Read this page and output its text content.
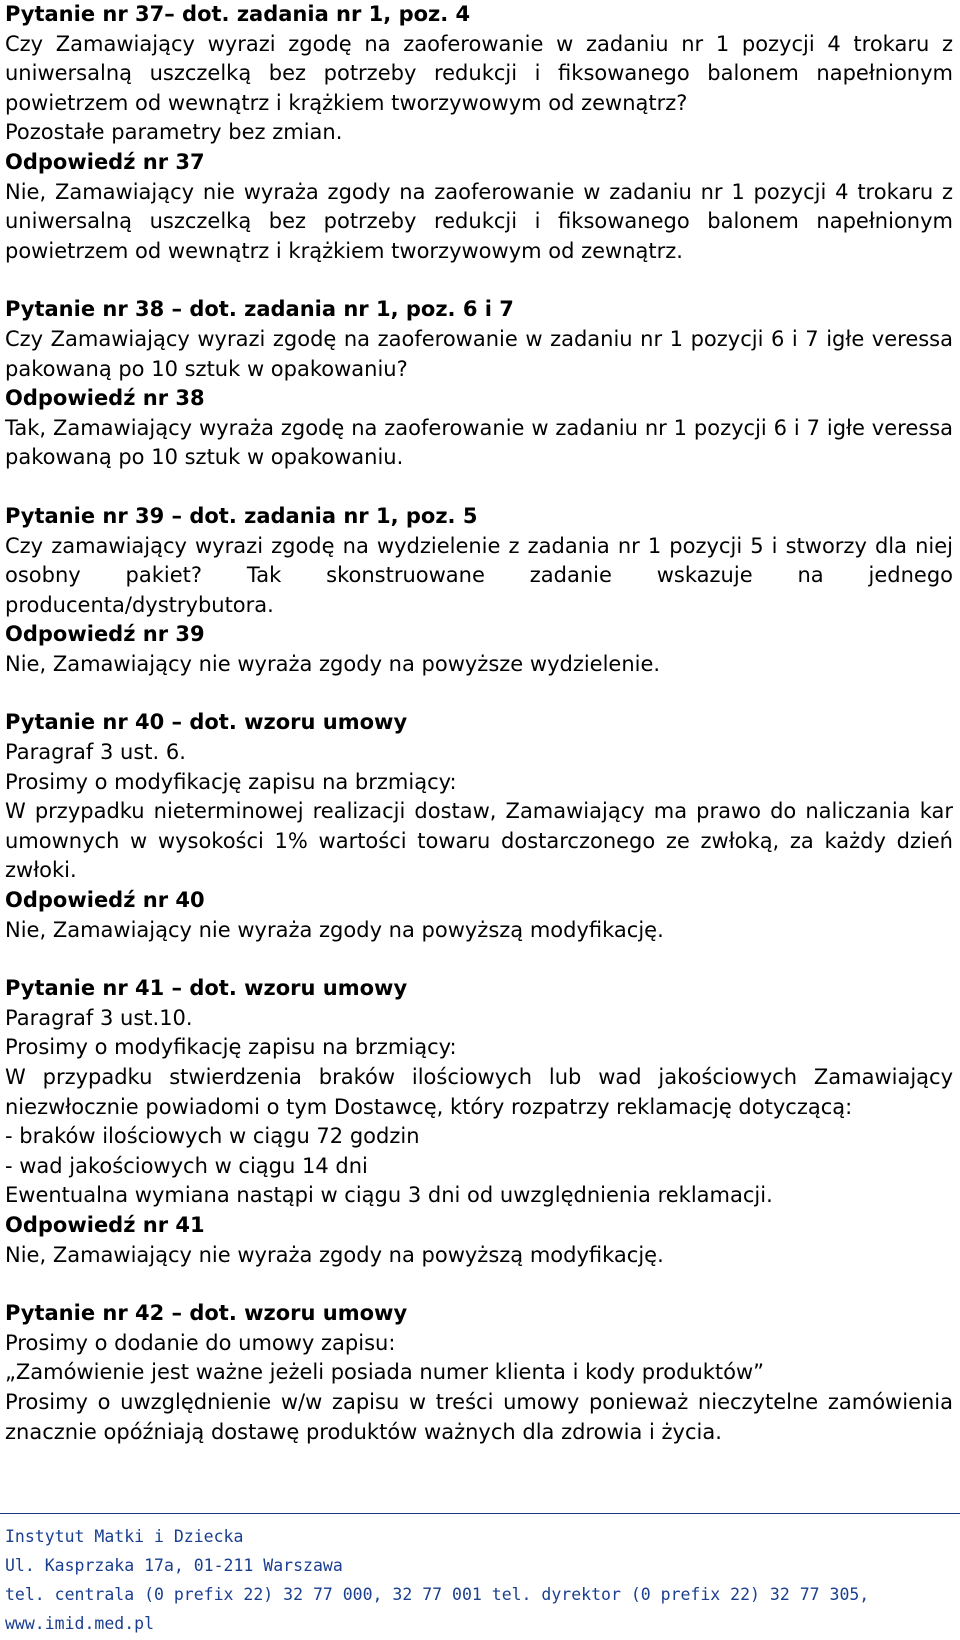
Pytanie nr 37– dot. zadania nr 1, poz. 4

Czy Zamawiający wyrazi zgodę na zaoferowanie w zadaniu nr 1 pozycji 4 trokaru z uniwersalną uszczelką bez potrzeby redukcji i fiksowanego balonem napełnionym powietrzem od wewnątrz i krążkiem tworzywowym od zewnątrz?

Pozostałe parametry bez zmian.

Odpowiedź nr 37

Nie, Zamawiający nie wyraża zgody na zaoferowanie w zadaniu nr 1 pozycji 4 trokaru z uniwersalną uszczelką bez potrzeby redukcji i fiksowanego balonem napełnionym powietrzem od wewnątrz i krążkiem tworzywowym od zewnątrz.

Pytanie nr 38 – dot. zadania nr 1, poz. 6 i 7

Czy Zamawiający wyrazi zgodę na zaoferowanie w zadaniu nr 1 pozycji 6 i 7 igłe veressa pakowaną po 10 sztuk w opakowaniu?

Odpowiedź nr 38

Tak, Zamawiający wyraża zgodę na zaoferowanie w zadaniu nr 1 pozycji 6 i 7 igłe veressa pakowaną po 10 sztuk w opakowaniu.

Pytanie nr 39 – dot. zadania nr 1, poz. 5

Czy zamawiający wyrazi zgodę na wydzielenie z zadania nr 1 pozycji 5 i stworzy dla niej osobny pakiet? Tak skonstruowane zadanie wskazuje na jednego producenta/dystrybutora.

Odpowiedź nr 39

Nie, Zamawiający nie wyraża zgody na powyższe wydzielenie.

Pytanie nr 40 – dot. wzoru umowy

Paragraf 3 ust. 6.

Prosimy o modyfikację zapisu na brzmiący:

W przypadku nieterminowej realizacji dostaw, Zamawiający ma prawo do naliczania kar umownych w wysokości 1% wartości towaru dostarczonego ze zwłoką, za każdy dzień zwłoki.

Odpowiedź nr 40

Nie, Zamawiający nie wyraża zgody na powyższą modyfikację.

Pytanie nr 41 – dot. wzoru umowy

Paragraf 3 ust.10.

Prosimy o modyfikację zapisu na brzmiący:

W przypadku stwierdzenia braków ilościowych lub wad jakościowych Zamawiający niezwłocznie powiadomi o tym Dostawcę, który rozpatrzy reklamację dotyczącą:

- braków ilościowych w ciągu 72 godzin

- wad jakościowych w ciągu 14 dni

Ewentualna wymiana nastąpi w ciągu 3 dni od uwzględnienia reklamacji.

Odpowiedź nr 41

Nie, Zamawiający nie wyraża zgody na powyższą modyfikację.

Pytanie nr 42 – dot. wzoru umowy

Prosimy o dodanie do umowy zapisu:

„Zamówienie jest ważne jeżeli posiada numer klienta i kody produktów”

Prosimy o uwzględnienie w/w zapisu w treści umowy ponieważ nieczytelne zamówienia znacznie opóźniają dostawę produktów ważnych dla zdrowia i życia.

Instytut Matki i Dziecka
Ul. Kasprzaka 17a, 01-211 Warszawa
tel. centrala (0 prefix 22) 32 77 000, 32 77 001 tel. dyrektor (0 prefix 22) 32 77 305,
www.imid.med.pl
